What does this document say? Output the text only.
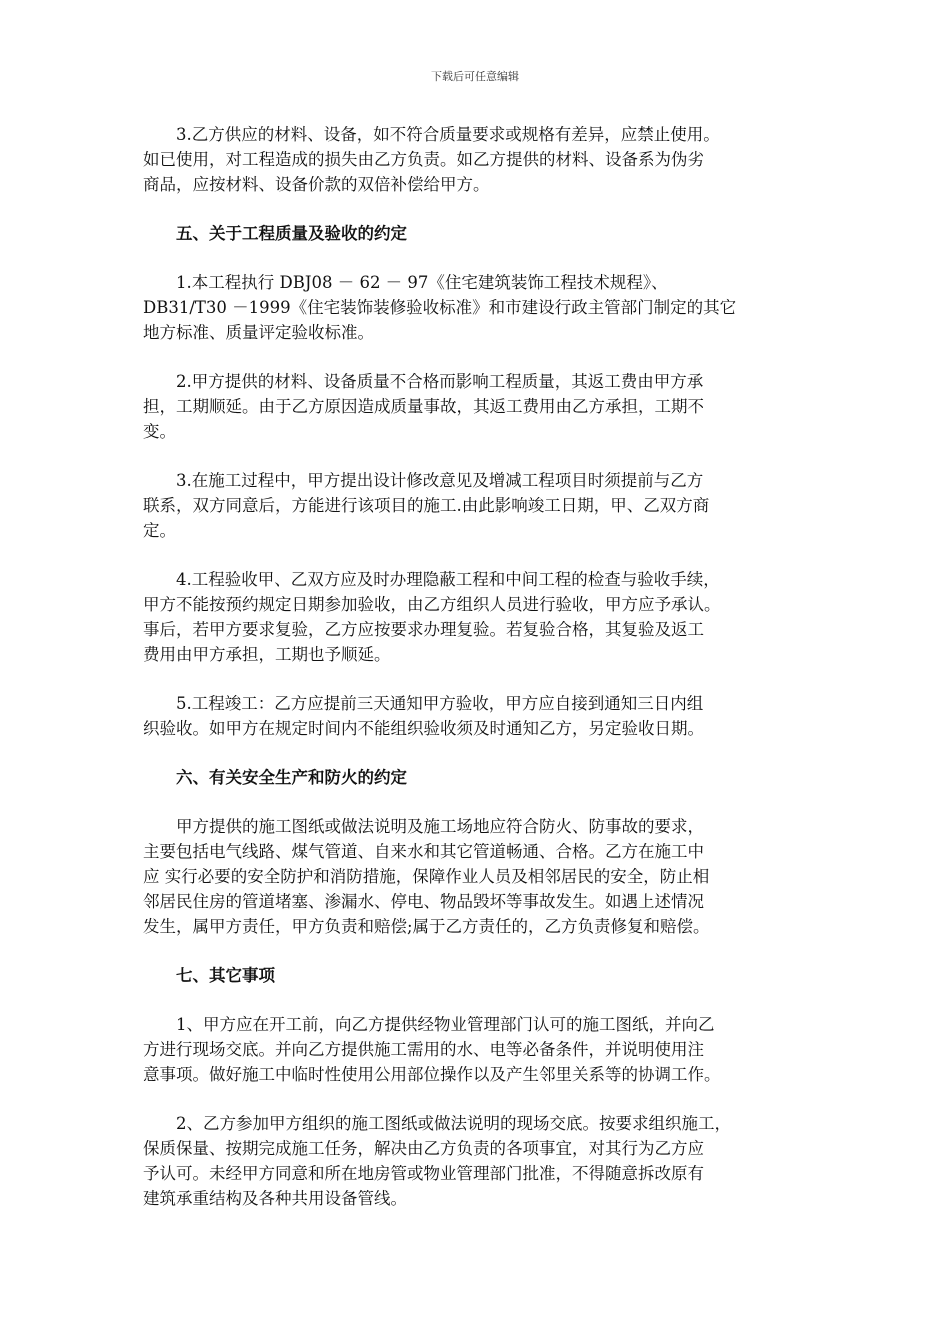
下载后可任意编辑
3.乙方供应的材料、设备，如不符合质量要求或规格有差异，应禁止使用。
如已使用，对工程造成的损失由乙方负责。如乙方提供的材料、设备系为伪劣
商品，应按材料、设备价款的双倍补偿给甲方。
五、关于工程质量及验收的约定
1.本工程执行 DBJ08 － 62 － 97《住宅建筑装饰工程技术规程》、
DB31/T30 －1999《住宅装饰装修验收标准》和市建设行政主管部门制定的其它
地方标准、质量评定验收标准。
2.甲方提供的材料、设备质量不合格而影响工程质量，其返工费由甲方承
担，工期顺延。由于乙方原因造成质量事故，其返工费用由乙方承担，工期不
变。
3.在施工过程中，甲方提出设计修改意见及增减工程项目时须提前与乙方
联系，双方同意后，方能进行该项目的施工.由此影响竣工日期，甲、乙双方商
定。
4.工程验收甲、乙双方应及时办理隐蔽工程和中间工程的检查与验收手续，
甲方不能按预约规定日期参加验收，由乙方组织人员进行验收，甲方应予承认。
事后，若甲方要求复验，乙方应按要求办理复验。若复验合格，其复验及返工
费用由甲方承担，工期也予顺延。
5.工程竣工：乙方应提前三天通知甲方验收，甲方应自接到通知三日内组
织验收。如甲方在规定时间内不能组织验收须及时通知乙方，另定验收日期。
六、有关安全生产和防火的约定
甲方提供的施工图纸或做法说明及施工场地应符合防火、防事故的要求，
主要包括电气线路、煤气管道、自来水和其它管道畅通、合格。乙方在施工中
应 实行必要的安全防护和消防措施，保障作业人员及相邻居民的安全，防止相
邻居民住房的管道堵塞、渗漏水、停电、物品毁坏等事故发生。如遇上述情况
发生，属甲方责任，甲方负责和赔偿;属于乙方责任的，乙方负责修复和赔偿。
七、其它事项
1、甲方应在开工前，向乙方提供经物业管理部门认可的施工图纸，并向乙
方进行现场交底。并向乙方提供施工需用的水、电等必备条件，并说明使用注
意事项。做好施工中临时性使用公用部位操作以及产生邻里关系等的协调工作。
2、乙方参加甲方组织的施工图纸或做法说明的现场交底。按要求组织施工，
保质保量、按期完成施工任务，解决由乙方负责的各项事宜，对其行为乙方应
予认可。未经甲方同意和所在地房管或物业管理部门批准，不得随意拆改原有
建筑承重结构及各种共用设备管线。
